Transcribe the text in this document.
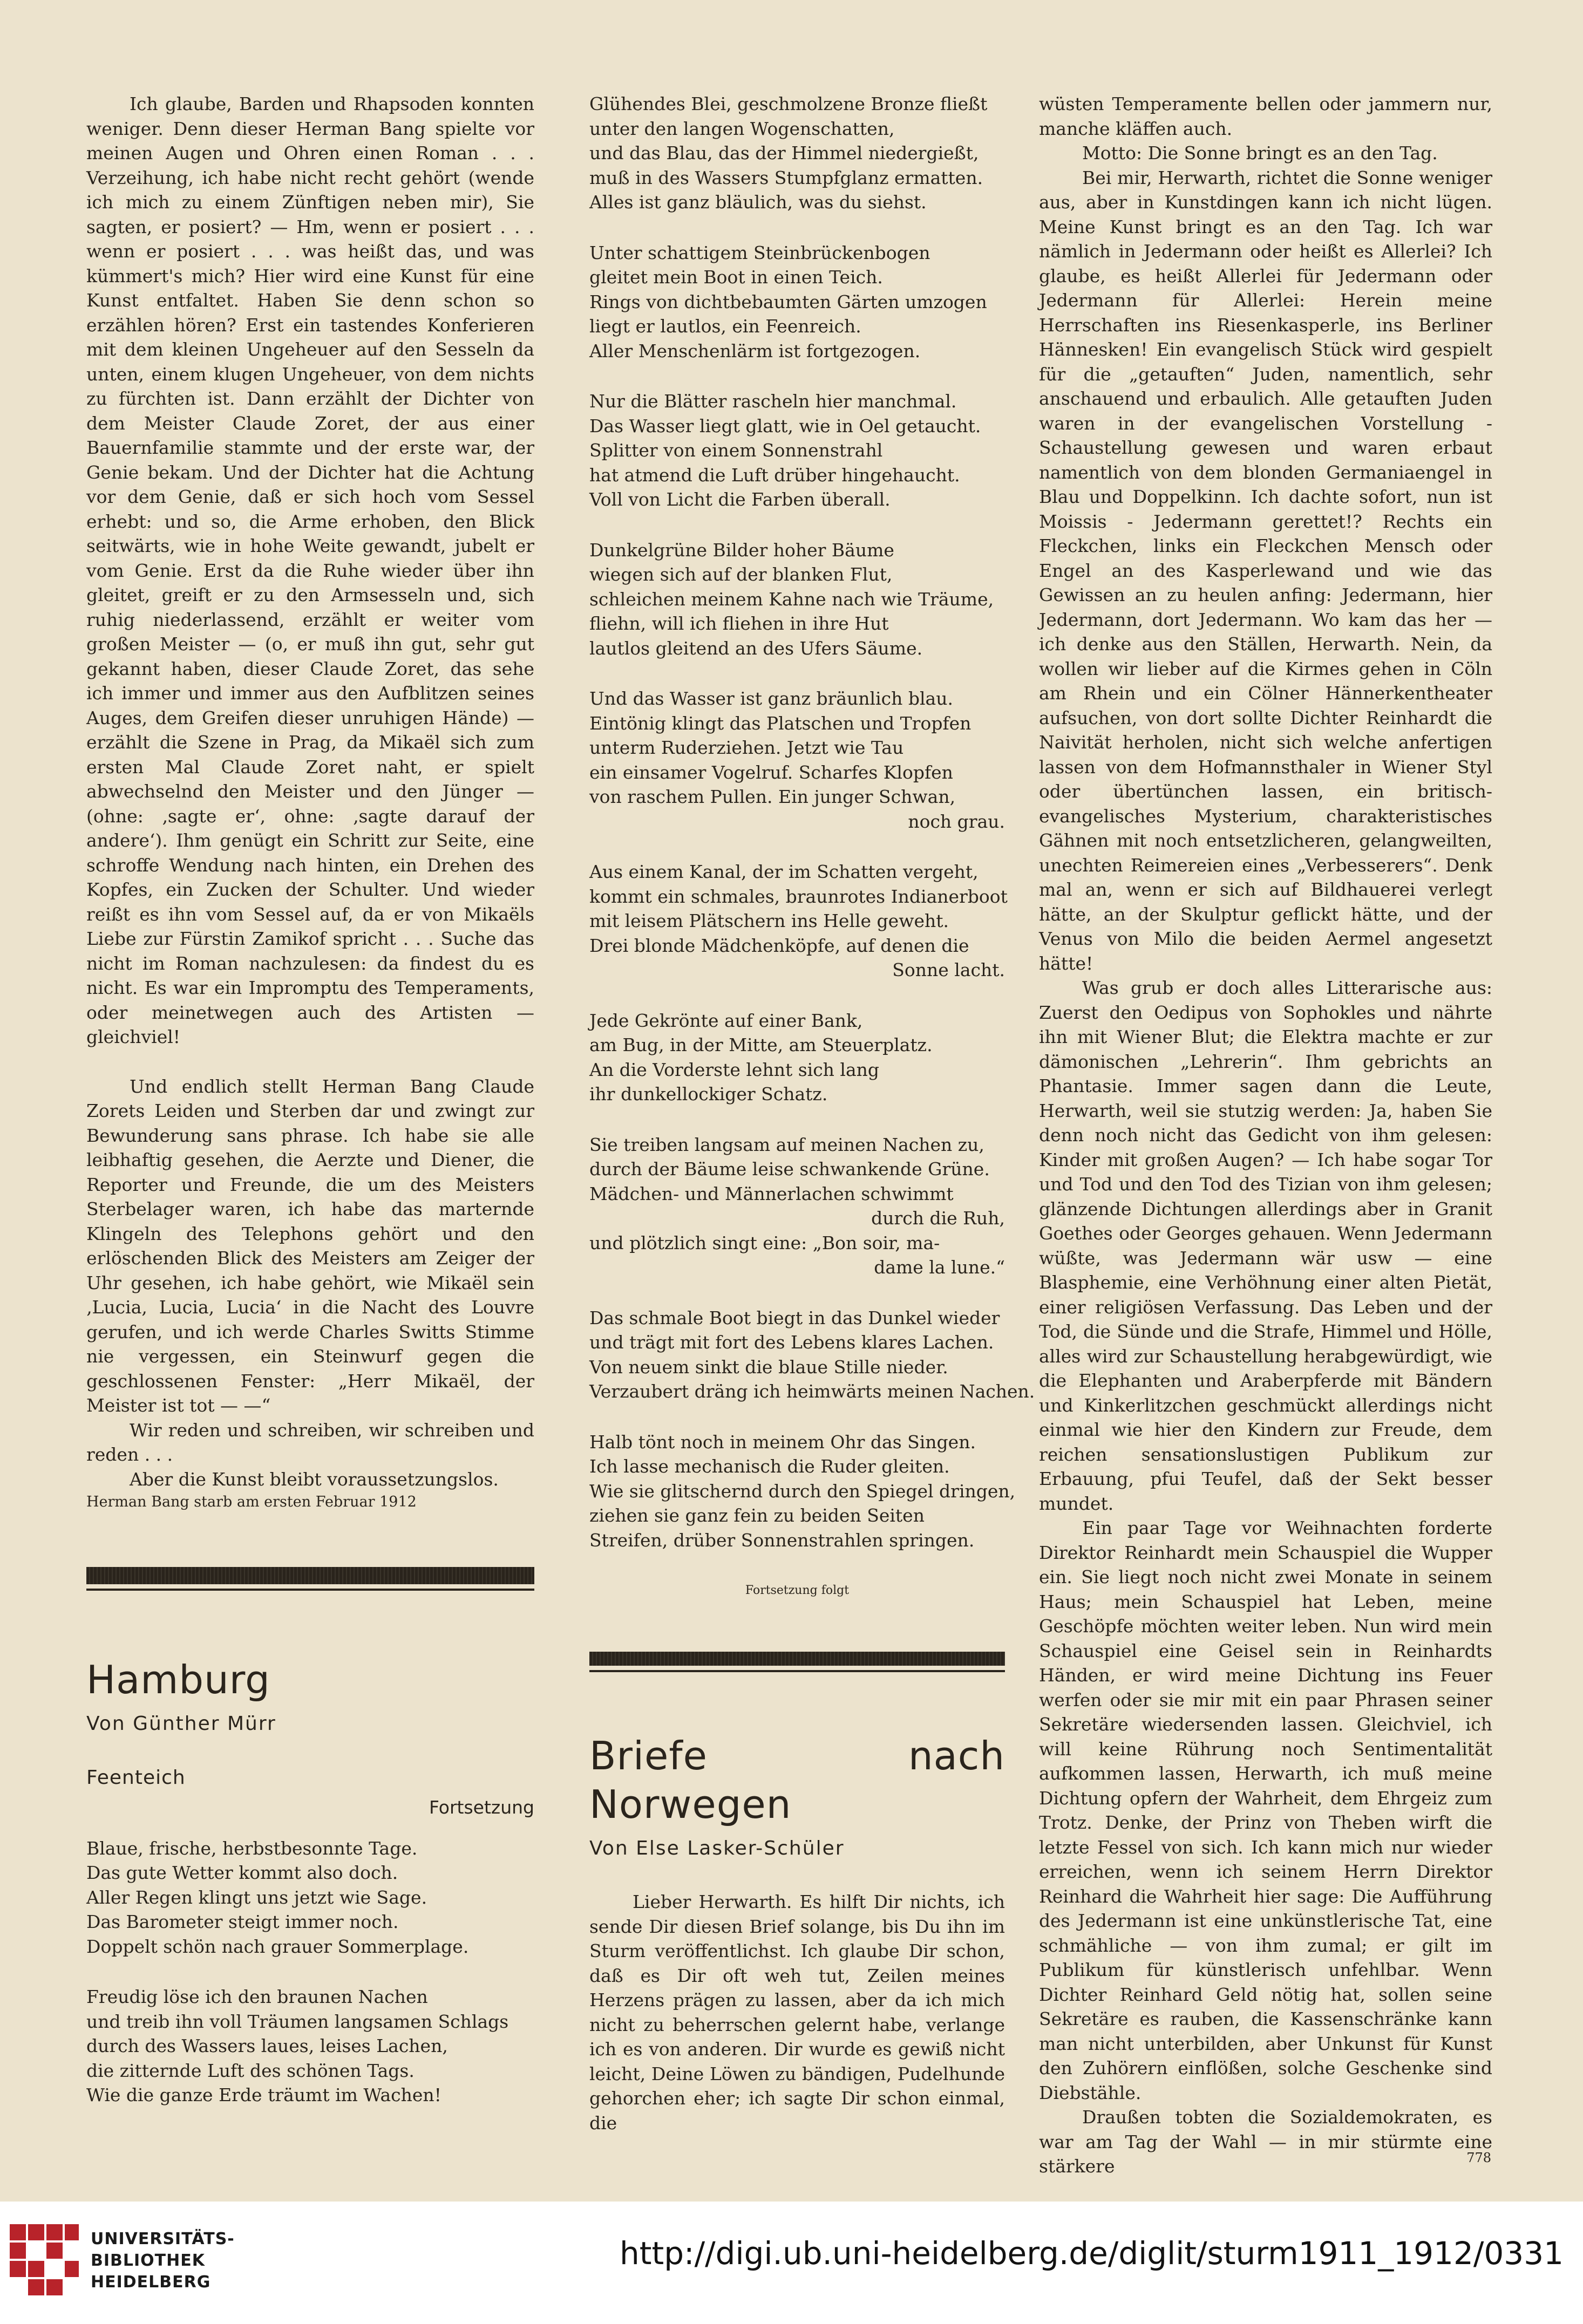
Ich glaube, Barden und Rhapsoden konnten weniger. Denn dieser Herman Bang spielte vor meinen Augen und Ohren einen Roman . . . Verzeihung, ich habe nicht recht gehört (wende ich mich zu einem Zünftigen neben mir), Sie sagten, er posiert? — Hm, wenn er posiert . . . wenn er posiert . . . was heißt das, und was kümmert's mich? Hier wird eine Kunst für eine Kunst entfaltet. Haben Sie denn schon so erzählen hören? Erst ein tastendes Konferieren mit dem kleinen Ungeheuer auf den Sesseln da unten, einem klugen Ungeheuer, von dem nichts zu fürchten ist. Dann erzählt der Dichter von dem Meister Claude Zoret, der aus einer Bauernfamilie stammte und der erste war, der Genie bekam. Und der Dichter hat die Achtung vor dem Genie, daß er sich hoch vom Sessel erhebt: und so, die Arme erhoben, den Blick seitwärts, wie in hohe Weite gewandt, jubelt er vom Genie. Erst da die Ruhe wieder über ihn gleitet, greift er zu den Armsesseln und, sich ruhig niederlassend, erzählt er weiter vom großen Meister — (o, er muß ihn gut, sehr gut gekannt haben, dieser Claude Zoret, das sehe ich immer und immer aus den Aufblitzen seines Auges, dem Greifen dieser unruhigen Hände) — erzählt die Szene in Prag, da Mikaël sich zum ersten Mal Claude Zoret naht, er spielt abwechselnd den Meister und den Jünger — (ohne: ‚sagte er‘, ohne: ‚sagte darauf der andere‘). Ihm genügt ein Schritt zur Seite, eine schroffe Wendung nach hinten, ein Drehen des Kopfes, ein Zucken der Schulter. Und wieder reißt es ihn vom Sessel auf, da er von Mikaëls Liebe zur Fürstin Zamikof spricht . . . Suche das nicht im Roman nachzulesen: da findest du es nicht. Es war ein Impromptu des Temperaments, oder meinetwegen auch des Artisten — gleichviel!

Und endlich stellt Herman Bang Claude Zorets Leiden und Sterben dar und zwingt zur Bewunderung sans phrase. Ich habe sie alle leibhaftig gesehen, die Aerzte und Diener, die Reporter und Freunde, die um des Meisters Sterbelager waren, ich habe das marternde Klingeln des Telephons gehört und den erlöschenden Blick des Meisters am Zeiger der Uhr gesehen, ich habe gehört, wie Mikaël sein ‚Lucia, Lucia, Lucia‘ in die Nacht des Louvre gerufen, und ich werde Charles Switts Stimme nie vergessen, ein Steinwurf gegen die geschlossenen Fenster: „Herr Mikaël, der Meister ist tot — —“

Wir reden und schreiben, wir schreiben und reden . . .

Aber die Kunst bleibt voraussetzungslos.

Herman Bang starb am ersten Februar 1912

Hamburg
Von Günther Mürr
Feenteich
Fortsetzung
Blaue, frische, herbstbesonnte Tage.
Das gute Wetter kommt also doch.
Aller Regen klingt uns jetzt wie Sage.
Das Barometer steigt immer noch.
Doppelt schön nach grauer Sommerplage.
Freudig löse ich den braunen Nachen
und treib ihn voll Träumen langsamen Schlags
durch des Wassers laues, leises Lachen,
die zitternde Luft des schönen Tags.
Wie die ganze Erde träumt im Wachen!
Glühendes Blei, geschmolzene Bronze fließt
unter den langen Wogenschatten,
und das Blau, das der Himmel niedergießt,
muß in des Wassers Stumpfglanz ermatten.
Alles ist ganz bläulich, was du siehst.
Unter schattigem Steinbrückenbogen
gleitet mein Boot in einen Teich.
Rings von dichtbebaumten Gärten umzogen
liegt er lautlos, ein Feenreich.
Aller Menschenlärm ist fortgezogen.
Nur die Blätter rascheln hier manchmal.
Das Wasser liegt glatt, wie in Oel getaucht.
Splitter von einem Sonnenstrahl
hat atmend die Luft drüber hingehaucht.
Voll von Licht die Farben überall.
Dunkelgrüne Bilder hoher Bäume
wiegen sich auf der blanken Flut,
schleichen meinem Kahne nach wie Träume,
fliehn, will ich fliehen in ihre Hut
lautlos gleitend an des Ufers Säume.
Und das Wasser ist ganz bräunlich blau.
Eintönig klingt das Platschen und Tropfen
unterm Ruderziehen. Jetzt wie Tau
ein einsamer Vogelruf. Scharfes Klopfen
von raschem Pullen. Ein junger Schwan,
noch grau.
Aus einem Kanal, der im Schatten vergeht,
kommt ein schmales, braunrotes Indianerboot
mit leisem Plätschern ins Helle geweht.
Drei blonde Mädchenköpfe, auf denen die
Sonne lacht.
Jede Gekrönte auf einer Bank,
am Bug, in der Mitte, am Steuerplatz.
An die Vorderste lehnt sich lang
ihr dunkellockiger Schatz.
Sie treiben langsam auf meinen Nachen zu,
durch der Bäume leise schwankende Grüne.
Mädchen- und Männerlachen schwimmt
durch die Ruh,
und plötzlich singt eine: „Bon soir, ma-
dame la lune.“
Das schmale Boot biegt in das Dunkel wieder
und trägt mit fort des Lebens klares Lachen.
Von neuem sinkt die blaue Stille nieder.
Verzaubert dräng ich heimwärts meinen Nachen.
Halb tönt noch in meinem Ohr das Singen.
Ich lasse mechanisch die Ruder gleiten.
Wie sie glitschernd durch den Spiegel dringen,
ziehen sie ganz fein zu beiden Seiten
Streifen, drüber Sonnenstrahlen springen.
Fortsetzung folgt
Briefe nach Norwegen
Von Else Lasker-Schüler

Lieber Herwarth. Es hilft Dir nichts, ich sende Dir diesen Brief solange, bis Du ihn im Sturm veröffentlichst. Ich glaube Dir schon, daß es Dir oft weh tut, Zeilen meines Herzens prägen zu lassen, aber da ich mich nicht zu beherrschen gelernt habe, verlange ich es von anderen. Dir wurde es gewiß nicht leicht, Deine Löwen zu bändigen, Pudelhunde gehorchen eher; ich sagte Dir schon einmal, die

wüsten Temperamente bellen oder jammern nur, manche kläffen auch.

Motto: Die Sonne bringt es an den Tag.

Bei mir, Herwarth, richtet die Sonne weniger aus, aber in Kunstdingen kann ich nicht lügen. Meine Kunst bringt es an den Tag. Ich war nämlich in Jedermann oder heißt es Allerlei? Ich glaube, es heißt Allerlei für Jedermann oder Jedermann für Allerlei: Herein meine Herrschaften ins Riesenkasperle, ins Berliner Hännesken! Ein evangelisch Stück wird gespielt für die „getauften“ Juden, namentlich, sehr anschauend und erbaulich. Alle getauften Juden waren in der evangelischen Vorstellung - Schaustellung gewesen und waren erbaut namentlich von dem blonden Germaniaengel in Blau und Doppelkinn. Ich dachte sofort, nun ist Moissis - Jedermann gerettet!? Rechts ein Fleckchen, links ein Fleckchen Mensch oder Engel an des Kasperlewand und wie das Gewissen an zu heulen anfing: Jedermann, hier Jedermann, dort Jedermann. Wo kam das her — ich denke aus den Ställen, Herwarth. Nein, da wollen wir lieber auf die Kirmes gehen in Cöln am Rhein und ein Cölner Hännerkentheater aufsuchen, von dort sollte Dichter Reinhardt die Naivität herholen, nicht sich welche anfertigen lassen von dem Hofmannsthaler in Wiener Styl oder übertünchen lassen, ein britisch-evangelisches Mysterium, charakteristisches Gähnen mit noch entsetzlicheren, gelangweilten, unechten Reimereien eines „Verbesserers“. Denk mal an, wenn er sich auf Bildhauerei verlegt hätte, an der Skulptur geflickt hätte, und der Venus von Milo die beiden Aermel angesetzt hätte!

Was grub er doch alles Litterarische aus: Zuerst den Oedipus von Sophokles und nährte ihn mit Wiener Blut; die Elektra machte er zur dämonischen „Lehrerin“. Ihm gebrichts an Phantasie. Immer sagen dann die Leute, Herwarth, weil sie stutzig werden: Ja, haben Sie denn noch nicht das Gedicht von ihm gelesen: Kinder mit großen Augen? — Ich habe sogar Tor und Tod und den Tod des Tizian von ihm gelesen; glänzende Dichtungen allerdings aber in Granit Goethes oder Georges gehauen. Wenn Jedermann wüßte, was Jedermann wär usw — eine Blasphemie, eine Verhöhnung einer alten Pietät, einer religiösen Verfassung. Das Leben und der Tod, die Sünde und die Strafe, Himmel und Hölle, alles wird zur Schaustellung herabgewürdigt, wie die Elephanten und Araberpferde mit Bändern und Kinkerlitzchen geschmückt allerdings nicht einmal wie hier den Kindern zur Freude, dem reichen sensationslustigen Publikum zur Erbauung, pfui Teufel, daß der Sekt besser mundet.

Ein paar Tage vor Weihnachten forderte Direktor Reinhardt mein Schauspiel die Wupper ein. Sie liegt noch nicht zwei Monate in seinem Haus; mein Schauspiel hat Leben, meine Geschöpfe möchten weiter leben. Nun wird mein Schauspiel eine Geisel sein in Reinhardts Händen, er wird meine Dichtung ins Feuer werfen oder sie mir mit ein paar Phrasen seiner Sekretäre wiedersenden lassen. Gleichviel, ich will keine Rührung noch Sentimentalität aufkommen lassen, Herwarth, ich muß meine Dichtung opfern der Wahrheit, dem Ehrgeiz zum Trotz. Denke, der Prinz von Theben wirft die letzte Fessel von sich. Ich kann mich nur wieder erreichen, wenn ich seinem Herrn Direktor Reinhard die Wahrheit hier sage: Die Aufführung des Jedermann ist eine unkünstlerische Tat, eine schmähliche — von ihm zumal; er gilt im Publikum für künstlerisch unfehlbar. Wenn Dichter Reinhard Geld nötig hat, sollen seine Sekretäre es rauben, die Kassenschränke kann man nicht unterbilden, aber Unkunst für Kunst den Zuhörern einflößen, solche Geschenke sind Diebstähle.

Draußen tobten die Sozialdemokraten, es war am Tag der Wahl — in mir stürmte eine stärkere	778
UNIVERSITÄTS-
BIBLIOTHEK
HEIDELBERG
http://digi.ub.uni-heidelberg.de/diglit/sturm1911_1912/0331
